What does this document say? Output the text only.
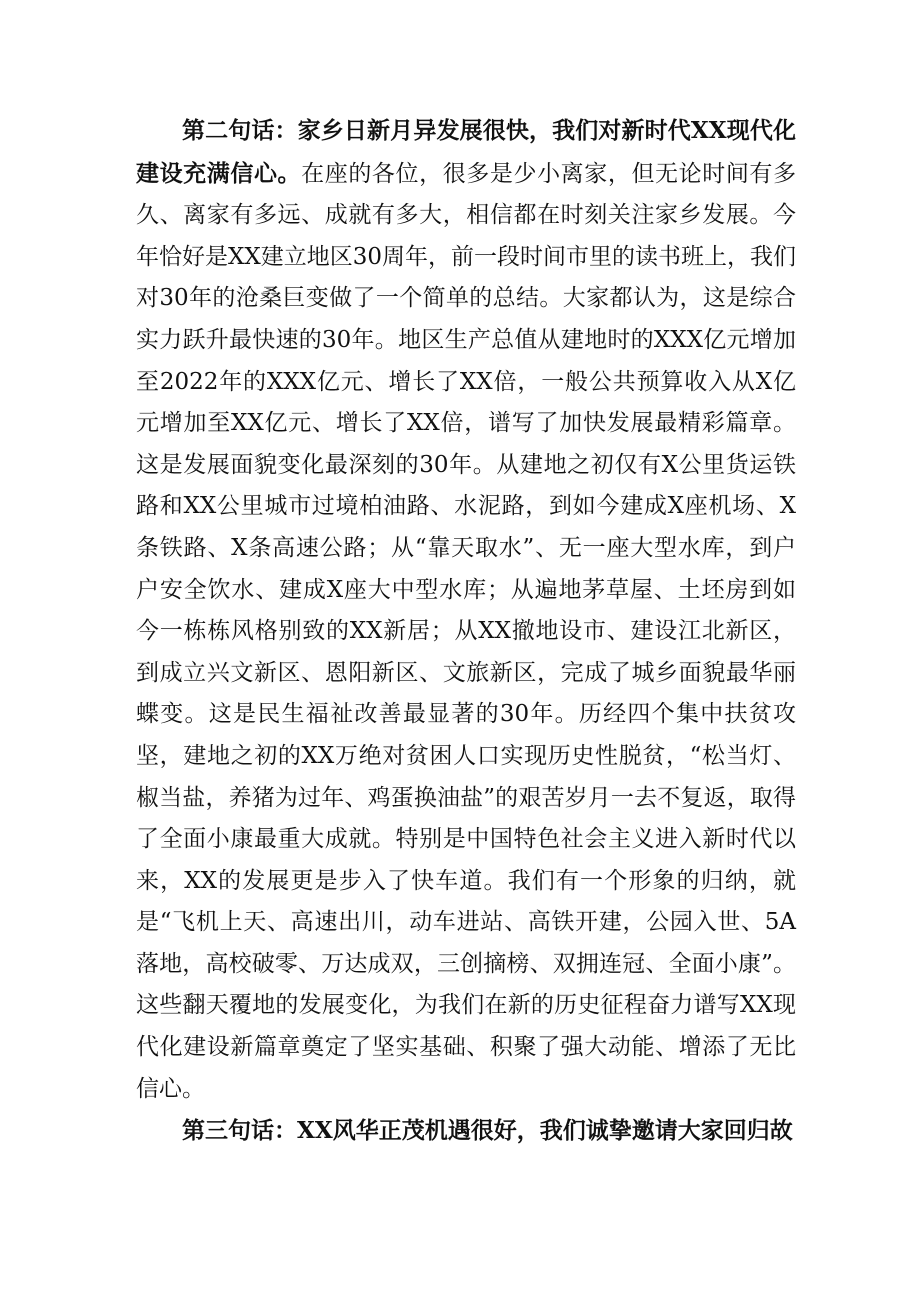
第二句话：家乡日新月异发展很快，我们对新时代XX现代化建设充满信心。在座的各位，很多是少小离家，但无论时间有多久、离家有多远、成就有多大，相信都在时刻关注家乡发展。今年恰好是XX建立地区30周年，前一段时间市里的读书班上，我们对30年的沧桑巨变做了一个简单的总结。大家都认为，这是综合实力跃升最快速的30年。地区生产总值从建地时的XXX亿元增加至2022年的XXX亿元、增长了XX倍，一般公共预算收入从X亿元增加至XX亿元、增长了XX倍，谱写了加快发展最精彩篇章。这是发展面貌变化最深刻的30年。从建地之初仅有X公里货运铁路和XX公里城市过境柏油路、水泥路，到如今建成X座机场、X条铁路、X条高速公路；从“靠天取水”、无一座大型水库，到户户安全饮水、建成X座大中型水库；从遍地茅草屋、土坯房到如今一栋栋风格别致的XX新居；从XX撤地设市、建设江北新区，到成立兴文新区、恩阳新区、文旅新区，完成了城乡面貌最华丽蝶变。这是民生福祉改善最显著的30年。历经四个集中扶贫攻坚，建地之初的XX万绝对贫困人口实现历史性脱贫，“松当灯、椒当盐，养猪为过年、鸡蛋换油盐”的艰苦岁月一去不复返，取得了全面小康最重大成就。特别是中国特色社会主义进入新时代以来，XX的发展更是步入了快车道。我们有一个形象的归纳，就是“飞机上天、高速出川，动车进站、高铁开建，公园入世、5A落地，高校破零、万达成双，三创摘榜、双拥连冠、全面小康”。这些翻天覆地的发展变化，为我们在新的历史征程奋力谱写XX现代化建设新篇章奠定了坚实基础、积聚了强大动能、增添了无比信心。

第三句话：XX风华正茂机遇很好，我们诚挚邀请大家回归故
